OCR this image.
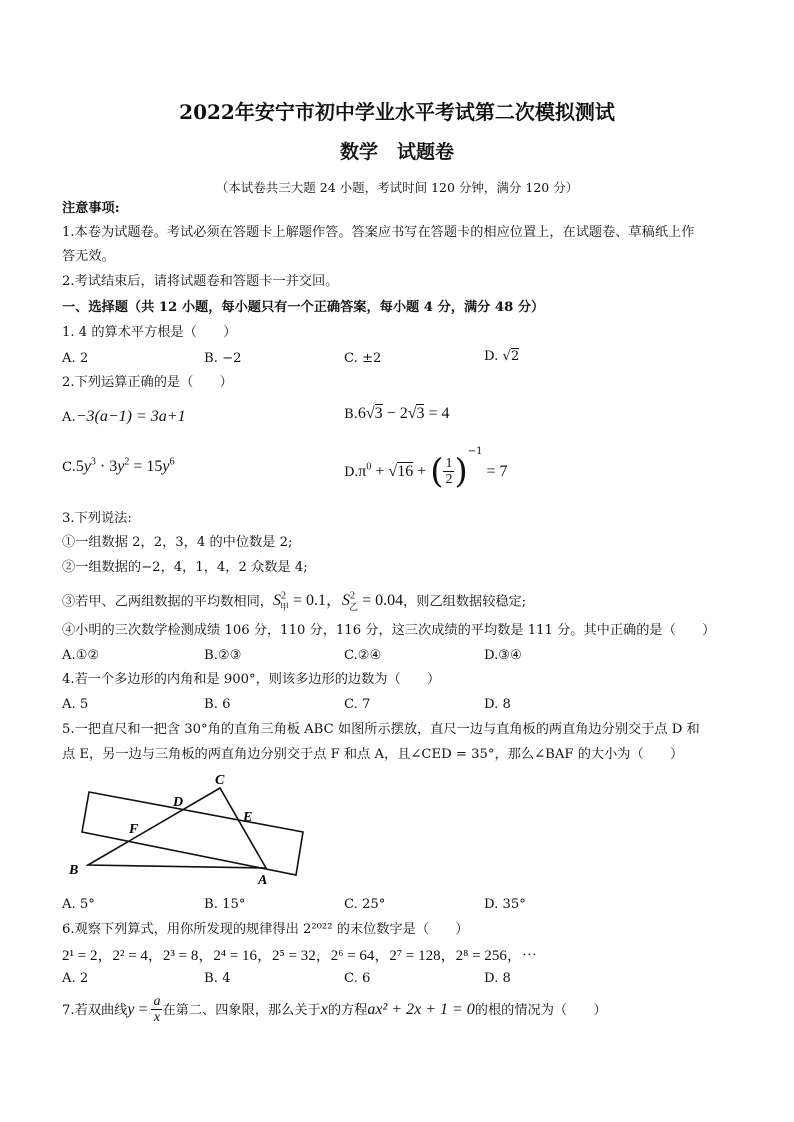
2022年安宁市初中学业水平考试第二次模拟测试
数学　试题卷
（本试卷共三大题 24 小题，考试时间 120 分钟，满分 120 分）
注意事项:
1.本卷为试题卷。考试必须在答题卡上解题作答。答案应书写在答题卡的相应位置上，在试题卷、草稿纸上作
答无效。
2.考试结束后，请将试题卷和答题卡一并交回。
一、选择题（共 12 小题，每小题只有一个正确答案，每小题 4 分，满分 48 分）
1. 4 的算术平方根是（　　）
A. 2	B. −2	C. ±2	D. √2
2.下列运算正确的是（　　）
A.−3(a−1) = 3a+1	B.6√3 − 2√3 = 4
$C.5y^3 \cdot 3y^2 = 15y^6$
$D.\pi^0 + √16$ + ( $\frac{1}{2} )^{-1} = 7$
3.下列说法:
①一组数据 2，2，3，4 的中位数是 2;
②一组数据的−2，4，1，4，2 众数是 4;
③若甲、乙两组数据的平均数相同，$S^2_甲 = 0.1$，$S^2_乙 = 0.04$，则乙组数据较稳定;
④小明的三次数学检测成绩 106 分，110 分，116 分，这三次成绩的平均数是 111 分。其中正确的是（　　）
A.①②	B.②③	C.②④	D.③④
4.若一个多边形的内角和是 900°，则该多边形的边数为（　　）
A. 5	B. 6	C. 7	D. 8
5.一把直尺和一把含 30°角的直角三角板 ABC 如图所示摆放，直尺一边与直角板的两直角边分别交于点 D 和
点 E，另一边与三角板的两直角边分别交于点 F 和点 A，且∠CED = 35°，那么∠BAF 的大小为（　　）
C
D
E
F
B
A
A. 5°	B. 15°	C. 25°	D. 35°
6.观察下列算式，用你所发现的规律得出 2²⁰²² 的末位数字是（　　）
2¹ = 2，2² = 4，2³ = 8，2⁴ = 16，2⁵ = 32，2⁶ = 64，2⁷ = 128，2⁸ = 256，⋯
A. 2	B. 4	C. 6	D. 8
7.若双曲线$y = \frac{a}{x}$ 在第二、四象限，那么关于x的方程ax² + 2x + 1 = 0的根的情况为（　　）
